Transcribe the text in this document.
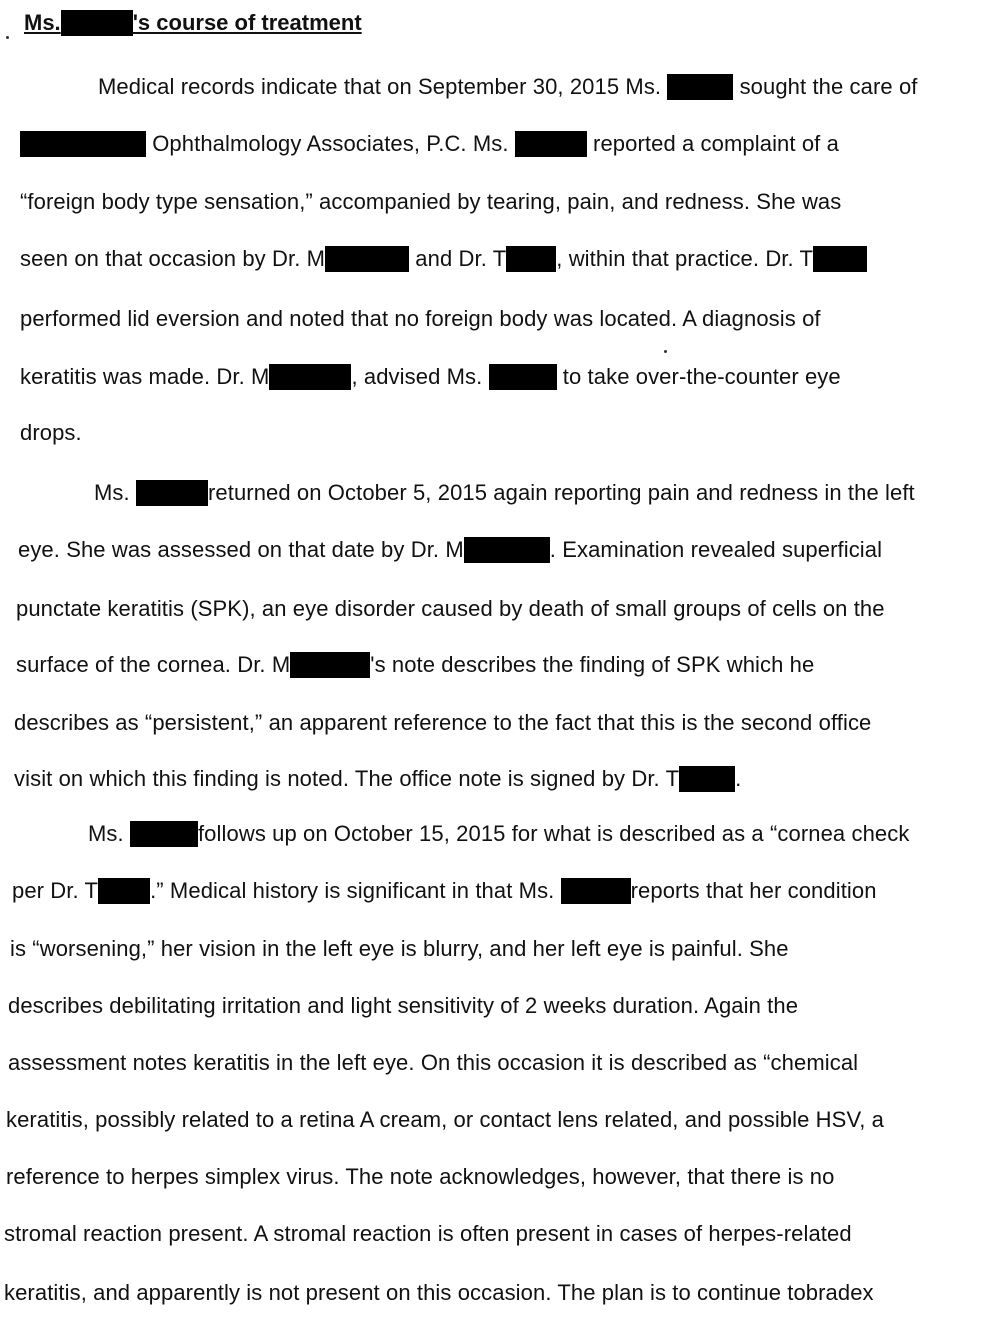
Ms.	's course of treatment
Medical records indicate that on September 30, 2015 Ms.	sought the care of
Ophthalmology Associates, P.C. Ms.	reported a complaint of a
“foreign body type sensation,” accompanied by tearing, pain, and redness. She was
seen on that occasion by Dr. M	and Dr. T , within that practice. Dr. T
performed lid eversion and noted that no foreign body was located. A diagnosis of
keratitis was made. Dr. M	, advised Ms.	to take over-the-counter eye
drops.
Ms.	returned on October 5, 2015 again reporting pain and redness in the left
eye. She was assessed on that date by Dr. M	. Examination revealed superficial
punctate keratitis (SPK), an eye disorder caused by death of small groups of cells on the
surface of the cornea. Dr. M	's note describes the finding of SPK which he
describes as “persistent,” an apparent reference to the fact that this is the second office
visit on which this finding is noted. The office note is signed by Dr. T	.
Ms.	follows up on October 15, 2015 for what is described as a “cornea check
per Dr. T .” Medical history is significant in that Ms.	reports that her condition
is “worsening,” her vision in the left eye is blurry, and her left eye is painful. She
describes debilitating irritation and light sensitivity of 2 weeks duration. Again the
assessment notes keratitis in the left eye. On this occasion it is described as “chemical
keratitis, possibly related to a retina A cream, or contact lens related, and possible HSV, a
reference to herpes simplex virus. The note acknowledges, however, that there is no
stromal reaction present. A stromal reaction is often present in cases of herpes-related
keratitis, and apparently is not present on this occasion. The plan is to continue tobradex
